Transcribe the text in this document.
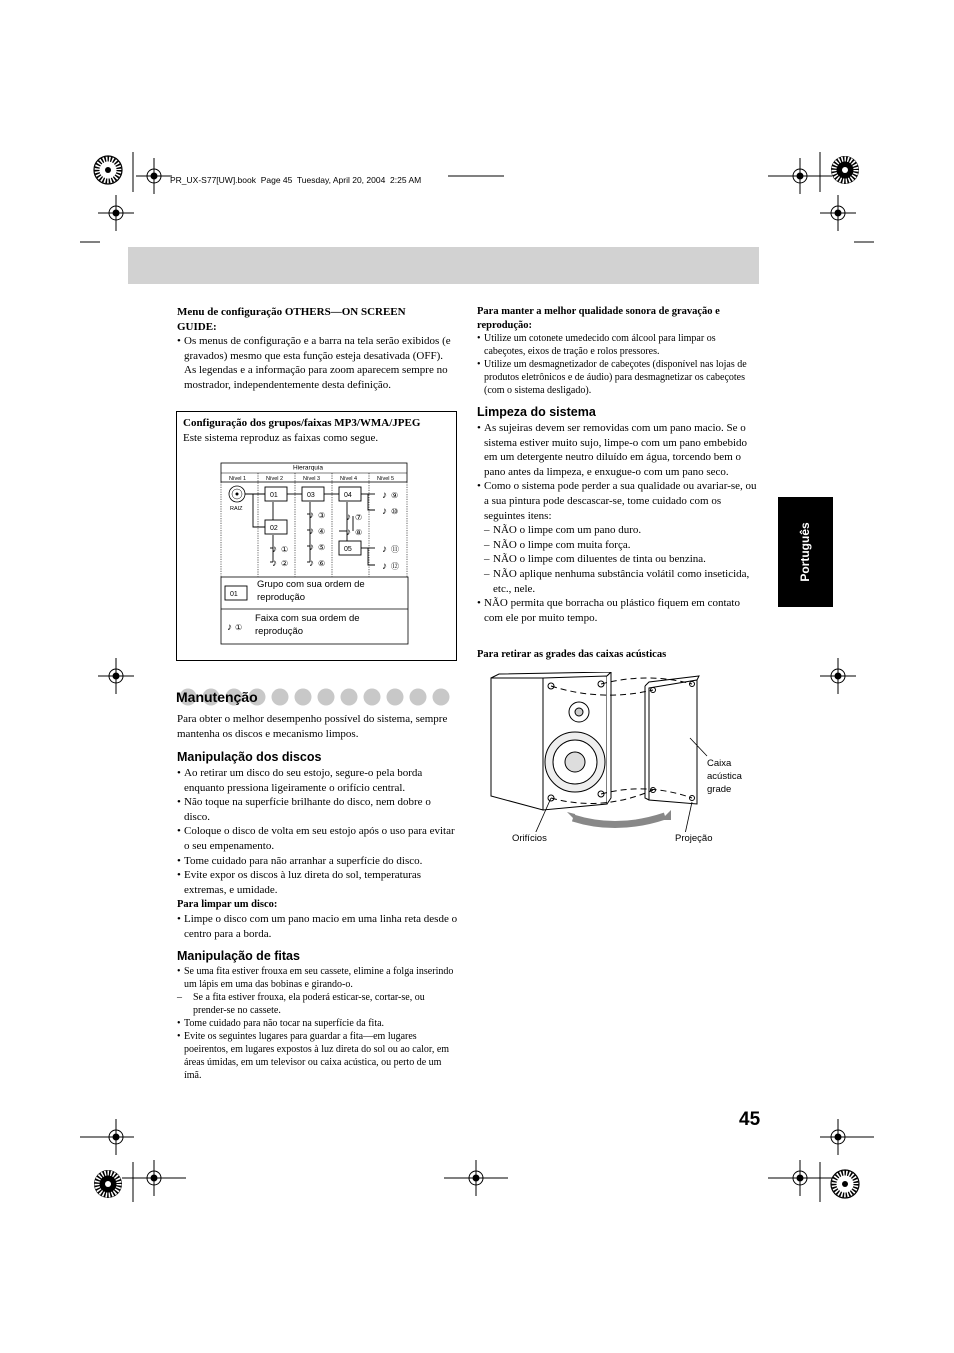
PR_UX-S77[UW].book  Page 45  Tuesday, April 20, 2004  2:25 AM
Português
Menu de configuração OTHERS—ON SCREEN GUIDE:
• Os menus de configuração e a barra na tela serão exibidos (e gravados) mesmo que esta função esteja desativada (OFF).
As legendas e a informação para zoom aparecem sempre no mostrador, independentemente desta definição.
Configuração dos grupos/faixas MP3/WMA/JPEG
Este sistema reproduz as faixas como segue.
Hierarquia
Nível 1	Nível 2	Nível 3	Nível 4	Nível 5
RAIZ
01	03	04
02
05
♪ ①
♪ ②
♪ ③
♪ ④
♪ ⑤
♪ ⑥
♪ ⑦
♪ ⑧
♪ ⑨
♪ ⑩
♪ ⑪
♪ ⑫
01
♪ ①
Grupo com sua ordem de reprodução
Faixa com sua ordem de reprodução
Manutenção
Para obter o melhor desempenho possível do sistema, sempre mantenha os discos e mecanismo limpos.
Manipulação dos discos
• Ao retirar um disco do seu estojo, segure-o pela borda enquanto pressiona ligeiramente o orifício central.
• Não toque na superfície brilhante do disco, nem dobre o disco.
• Coloque o disco de volta em seu estojo após o uso para evitar o seu empenamento.
• Tome cuidado para não arranhar a superfície do disco.
• Evite expor os discos à luz direta do sol, temperaturas extremas, e umidade.
Para limpar um disco:
• Limpe o disco com um pano macio em uma linha reta desde o centro para a borda.
Manipulação de fitas
• Se uma fita estiver frouxa em seu cassete, elimine a folga inserindo um lápis em uma das bobinas e girando-o.
– Se a fita estiver frouxa, ela poderá esticar-se, cortar-se, ou prender-se no cassete.
• Tome cuidado para não tocar na superfície da fita.
• Evite os seguintes lugares para guardar a fita—em lugares poeirentos, em lugares expostos à luz direta do sol ou ao calor, em áreas úmidas, em um televisor ou caixa acústica, ou perto de um ímã.
Para manter a melhor qualidade sonora de gravação e reprodução:
• Utilize um cotonete umedecido com álcool para limpar os cabeçotes, eixos de tração e rolos pressores.
• Utilize um desmagnetizador de cabeçotes (disponível nas lojas de produtos eletrônicos e de áudio) para desmagnetizar os cabeçotes (com o sistema desligado).
Limpeza do sistema
• As sujeiras devem ser removidas com um pano macio. Se o sistema estiver muito sujo, limpe-o com um pano embebido em um detergente neutro diluído em água, torcendo bem o pano antes da limpeza, e enxugue-o com um pano seco.
• Como o sistema pode perder a sua qualidade ou avariar-se, ou a sua pintura pode descascar-se, tome cuidado com os seguintes itens:
– NÃO o limpe com um pano duro.
– NÃO o limpe com muita força.
– NÃO o limpe com diluentes de tinta ou benzina.
– NÃO aplique nenhuma substância volátil como inseticida, etc., nele.
• NÃO permita que borracha ou plástico fiquem em contato com ele por muito tempo.
Para retirar as grades das caixas acústicas
Caixa acústica grade
Orifícios	Projeção
45
